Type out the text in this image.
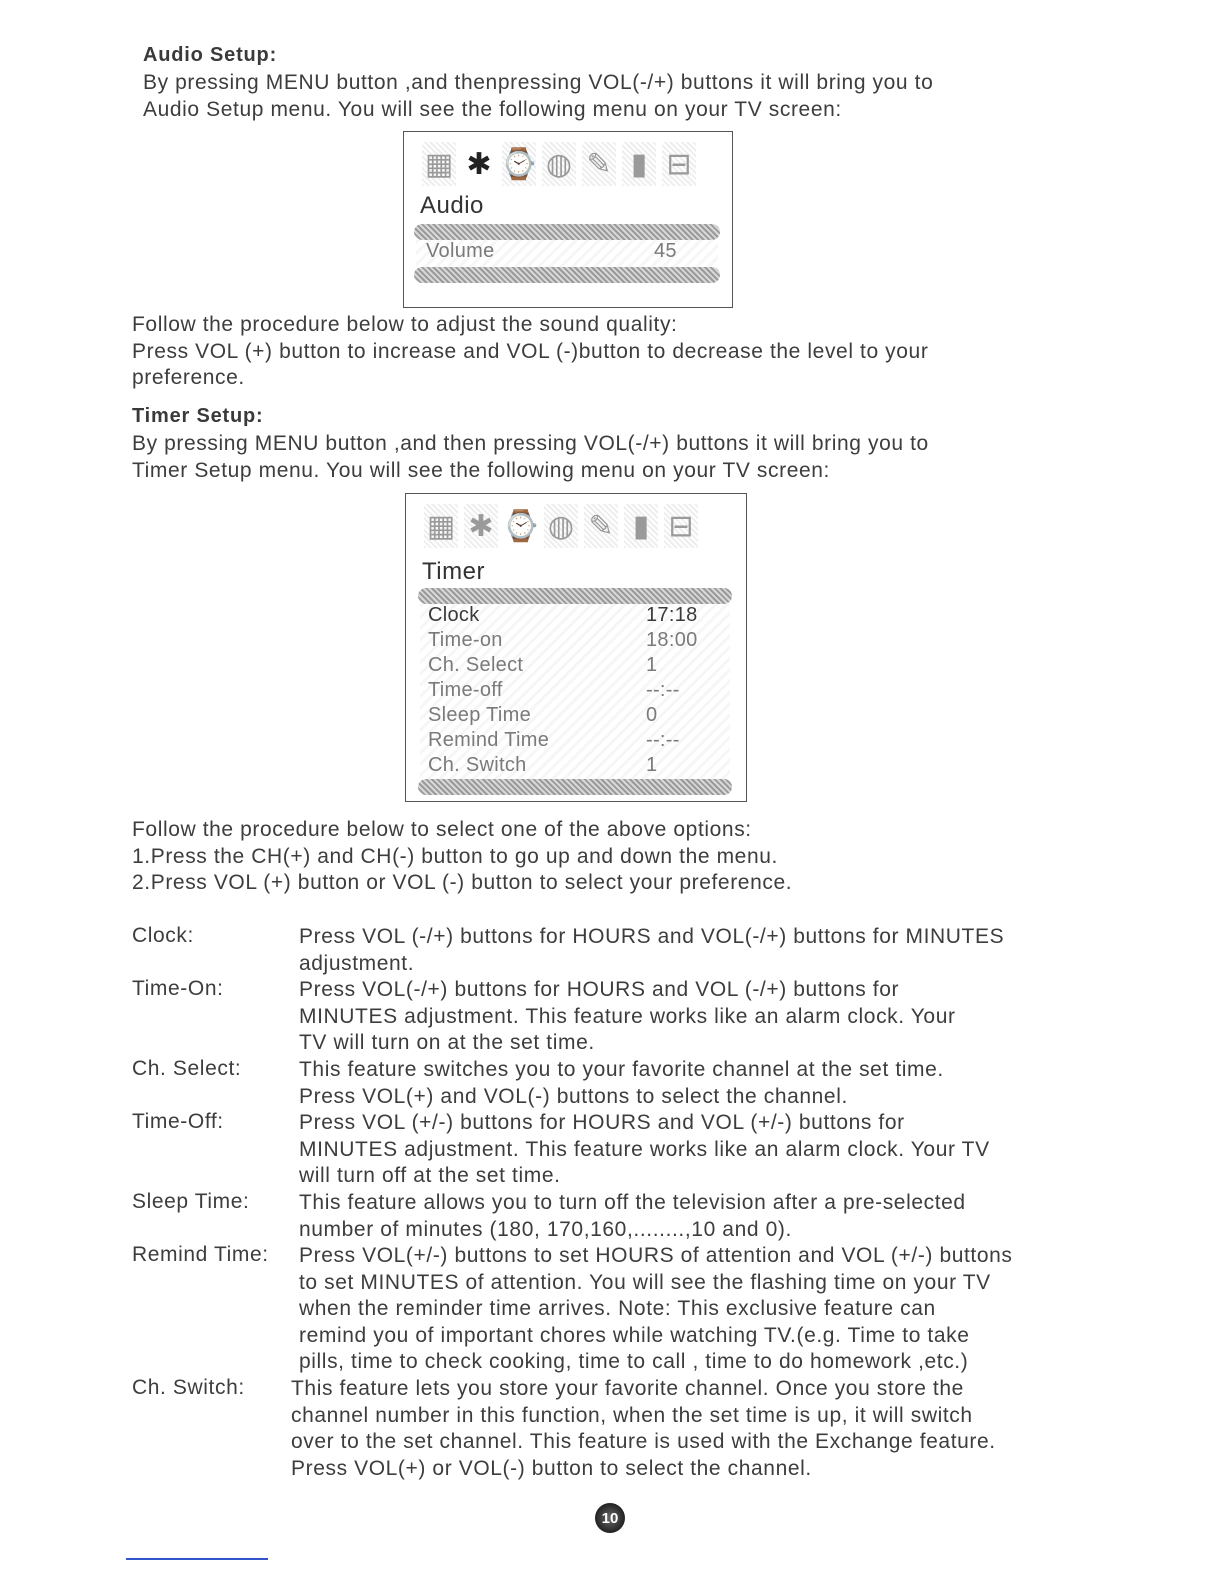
Audio Setup:
By pressing MENU button ,and thenpressing VOL(-/+) buttons it will bring you to
Audio Setup menu. You will see the following menu on your TV screen:
▦ ✱ ⌚ ◍ ✎ ▮ ⊟
Audio
Volume	45
Follow the procedure below to adjust the sound quality:
Press VOL (+) button to increase and VOL (-)button to decrease the level to your
preference.
Timer Setup:
By pressing MENU button ,and then pressing VOL(-/+) buttons it will bring you to
Timer Setup menu. You will see the following menu on your TV screen:
▦ ✱ ⌚ ◍ ✎ ▮ ⊟
Timer
Clock	17:18
Time-on	18:00
Ch. Select	1
Time-off	--:--
Sleep Time	0
Remind Time	--:--
Ch. Switch	1
Follow the procedure below to select one of the above options:
1.Press the CH(+) and CH(-) button to go up and down the menu.
2.Press VOL (+) button or VOL (-) button to select your preference.
Clock:	Press VOL (-/+) buttons for HOURS and VOL(-/+) buttons for MINUTES
adjustment.
Time-On:	Press VOL(-/+) buttons for HOURS and VOL (-/+) buttons for
MINUTES adjustment. This feature works like an alarm clock. Your
TV will turn on at the set time.
Ch. Select:	This feature switches you to your favorite channel at the set time.
Press VOL(+) and VOL(-) buttons to select the channel.
Time-Off:	Press VOL (+/-) buttons for HOURS and VOL (+/-) buttons for
MINUTES adjustment. This feature works like an alarm clock. Your TV
will turn off at the set time.
Sleep Time: This feature allows you to turn off the television after a pre-selected
number of minutes (180, 170,160,........,10 and 0).
Remind Time: Press VOL(+/-) buttons to set HOURS of attention and VOL (+/-) buttons
to set MINUTES of attention. You will see the flashing time on your TV
when the reminder time arrives. Note: This exclusive feature can
remind you of important chores while watching TV.(e.g. Time to take
pills, time to check cooking, time to call , time to do homework ,etc.)
Ch. Switch: This feature lets you store your favorite channel. Once you store the
channel number in this function, when the set time is up, it will switch
over to the set channel. This feature is used with the Exchange feature.
Press VOL(+) or VOL(-) button to select the channel.
10
